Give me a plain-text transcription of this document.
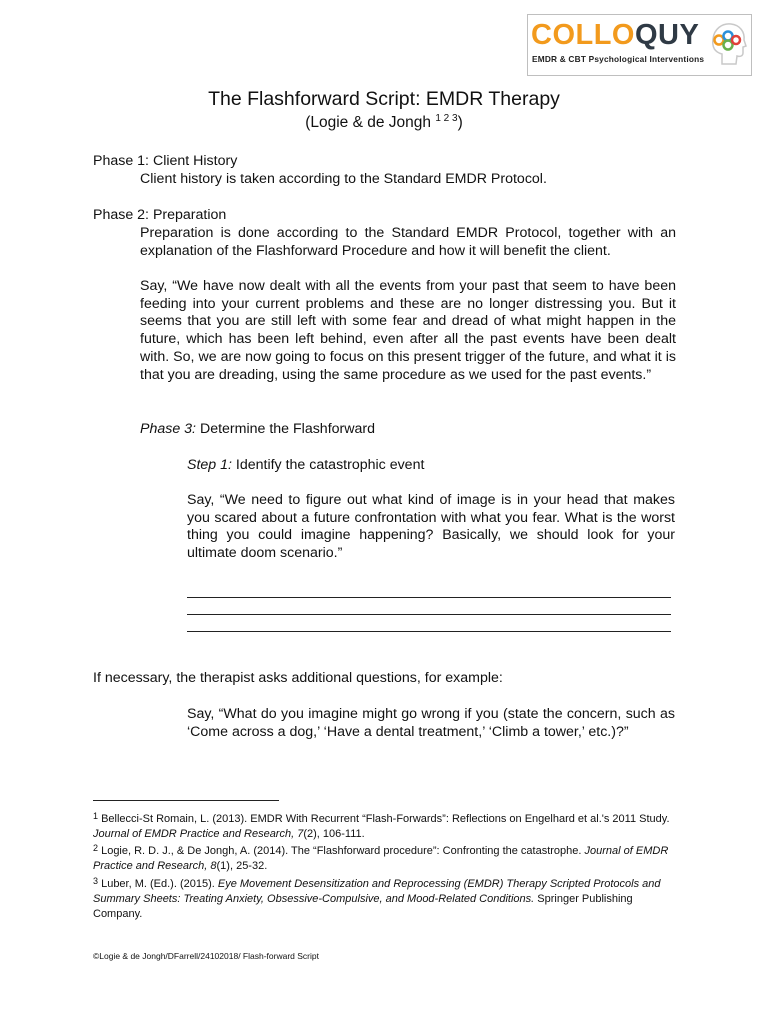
COLLOQUY
EMDR & CBT Psychological Interventions
The Flashforward Script: EMDR Therapy
(Logie & de Jongh $^{1 2 3}$)
Phase 1: Client History
Client history is taken according to the Standard EMDR Protocol.
Phase 2: Preparation
Preparation is done according to the Standard EMDR Protocol, together with an explanation of the Flashforward Procedure and how it will benefit the client.
Say, “We have now dealt with all the events from your past that seem to have been feeding into your current problems and these are no longer distressing you. But it seems that you are still left with some fear and dread of what might happen in the future, which has been left behind, even after all the past events have been dealt with. So, we are now going to focus on this present trigger of the future, and what it is that you are dreading, using the same procedure as we used for the past events.”
Phase 3: Determine the Flashforward
Step 1: Identify the catastrophic event
Say, “We need to figure out what kind of image is in your head that makes you scared about a future confrontation with what you fear. What is the worst thing you could imagine happening? Basically, we should look for your ultimate doom scenario.”
If necessary, the therapist asks additional questions, for example:
Say, “What do you imagine might go wrong if you (state the concern, such as ‘Come across a dog,’ ‘Have a dental treatment,’ ‘Climb a tower,’ etc.)?”
$^1$ Bellecci-St Romain, L. (2013). EMDR With Recurrent “Flash-Forwards”: Reflections on Engelhard et al.'s 2011 Study. Journal of EMDR Practice and Research, 7(2), 106-111.
$^2$ Logie, R. D. J., & De Jongh, A. (2014). The “Flashforward procedure”: Confronting the catastrophe. Journal of EMDR Practice and Research, 8(1), 25-32.
$^3$ Luber, M. (Ed.). (2015). Eye Movement Desensitization and Reprocessing (EMDR) Therapy Scripted Protocols and Summary Sheets: Treating Anxiety, Obsessive-Compulsive, and Mood-Related Conditions. Springer Publishing Company.
©Logie & de Jongh/DFarrell/24102018/ Flash-forward Script
